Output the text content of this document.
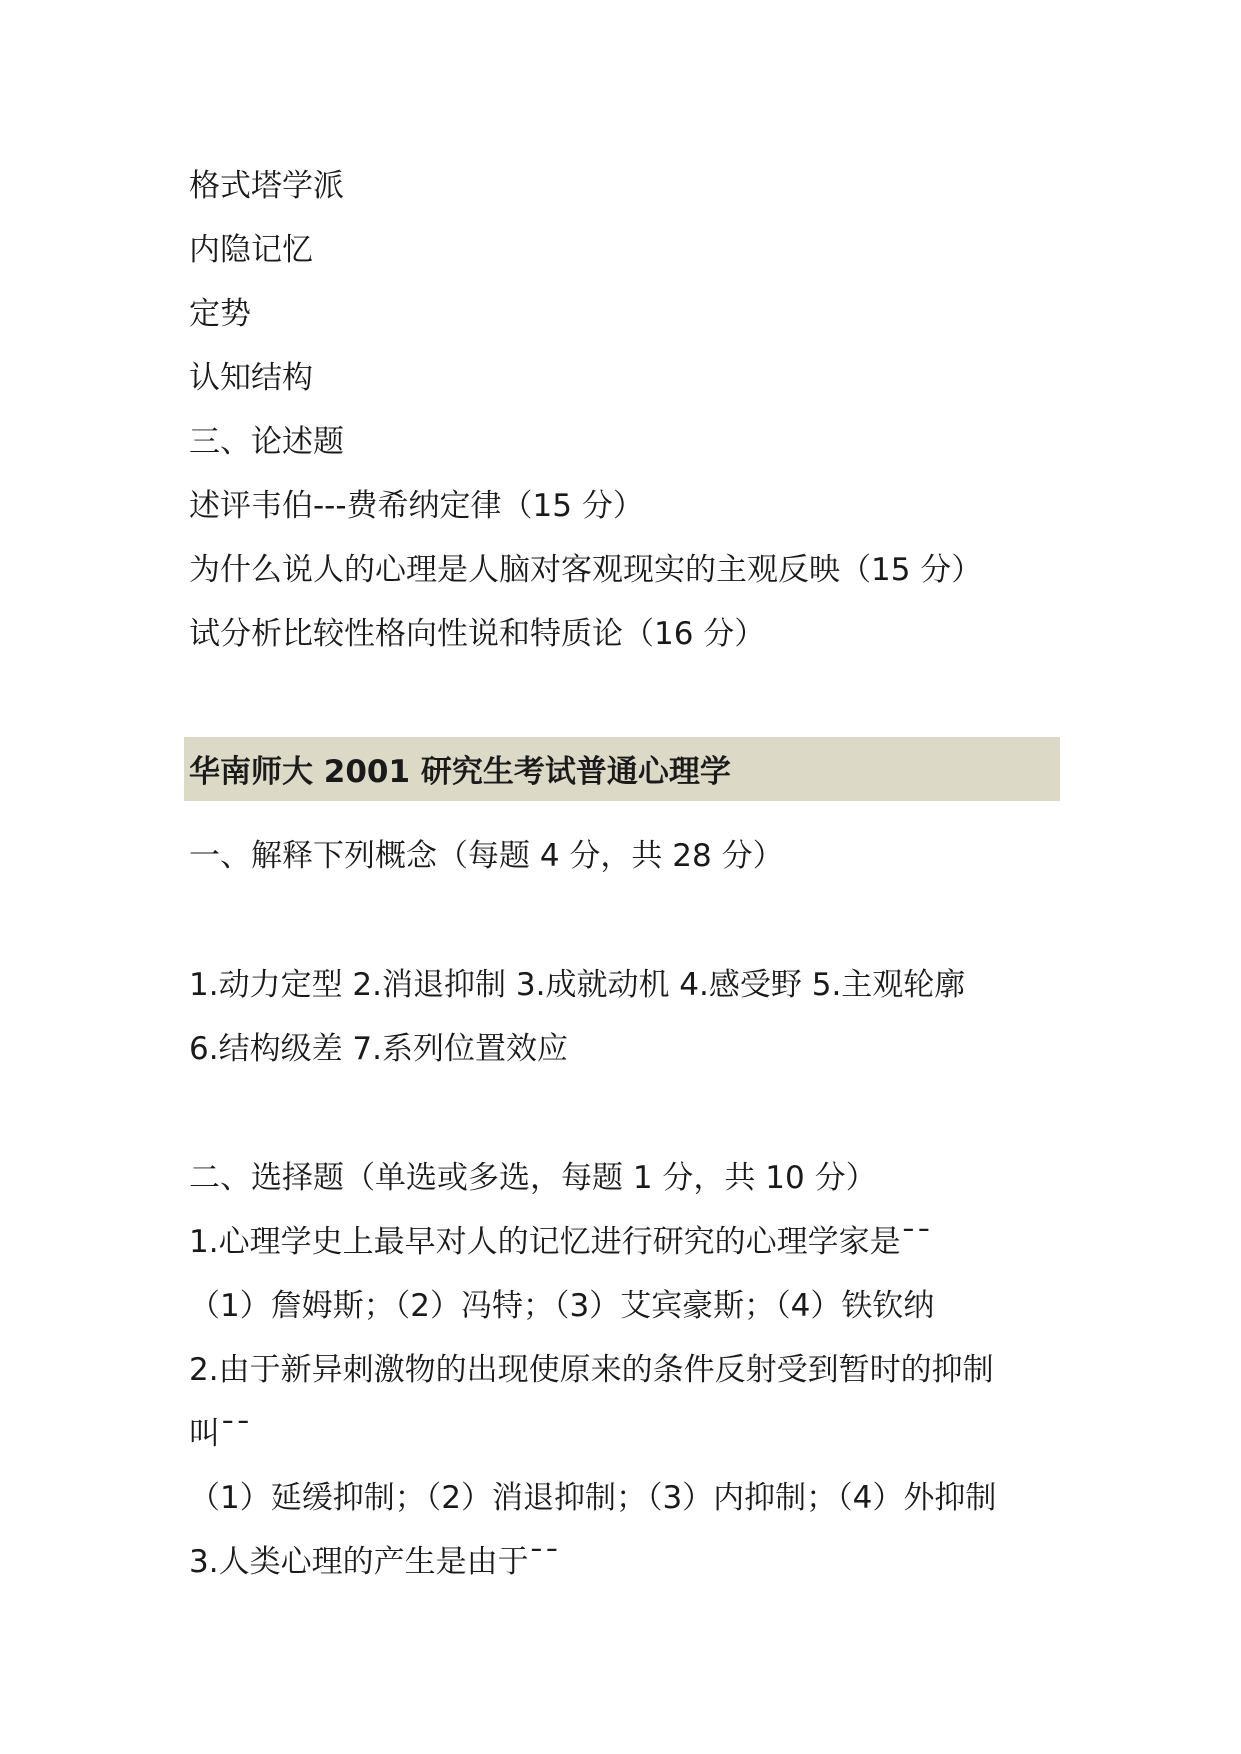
格式塔学派
内隐记忆
定势
认知结构
三、论述题
述评韦伯---费希纳定律（15 分）
为什么说人的心理是人脑对客观现实的主观反映（15 分）
试分析比较性格向性说和特质论（16 分）
华南师大 2001 研究生考试普通心理学
一、解释下列概念（每题 4 分，共 28 分）
1.动力定型 2.消退抑制 3.成就动机 4.感受野 5.主观轮廓
6.结构级差 7.系列位置效应
二、选择题（单选或多选，每题 1 分，共 10 分）
1.心理学史上最早对人的记忆进行研究的心理学家是¯¯
（1）詹姆斯；（2）冯特；（3）艾宾豪斯；（4）铁钦纳
2.由于新异刺激物的出现使原来的条件反射受到暂时的抑制
叫¯¯
（1）延缓抑制；（2）消退抑制；（3）内抑制；（4）外抑制
3.人类心理的产生是由于¯¯
